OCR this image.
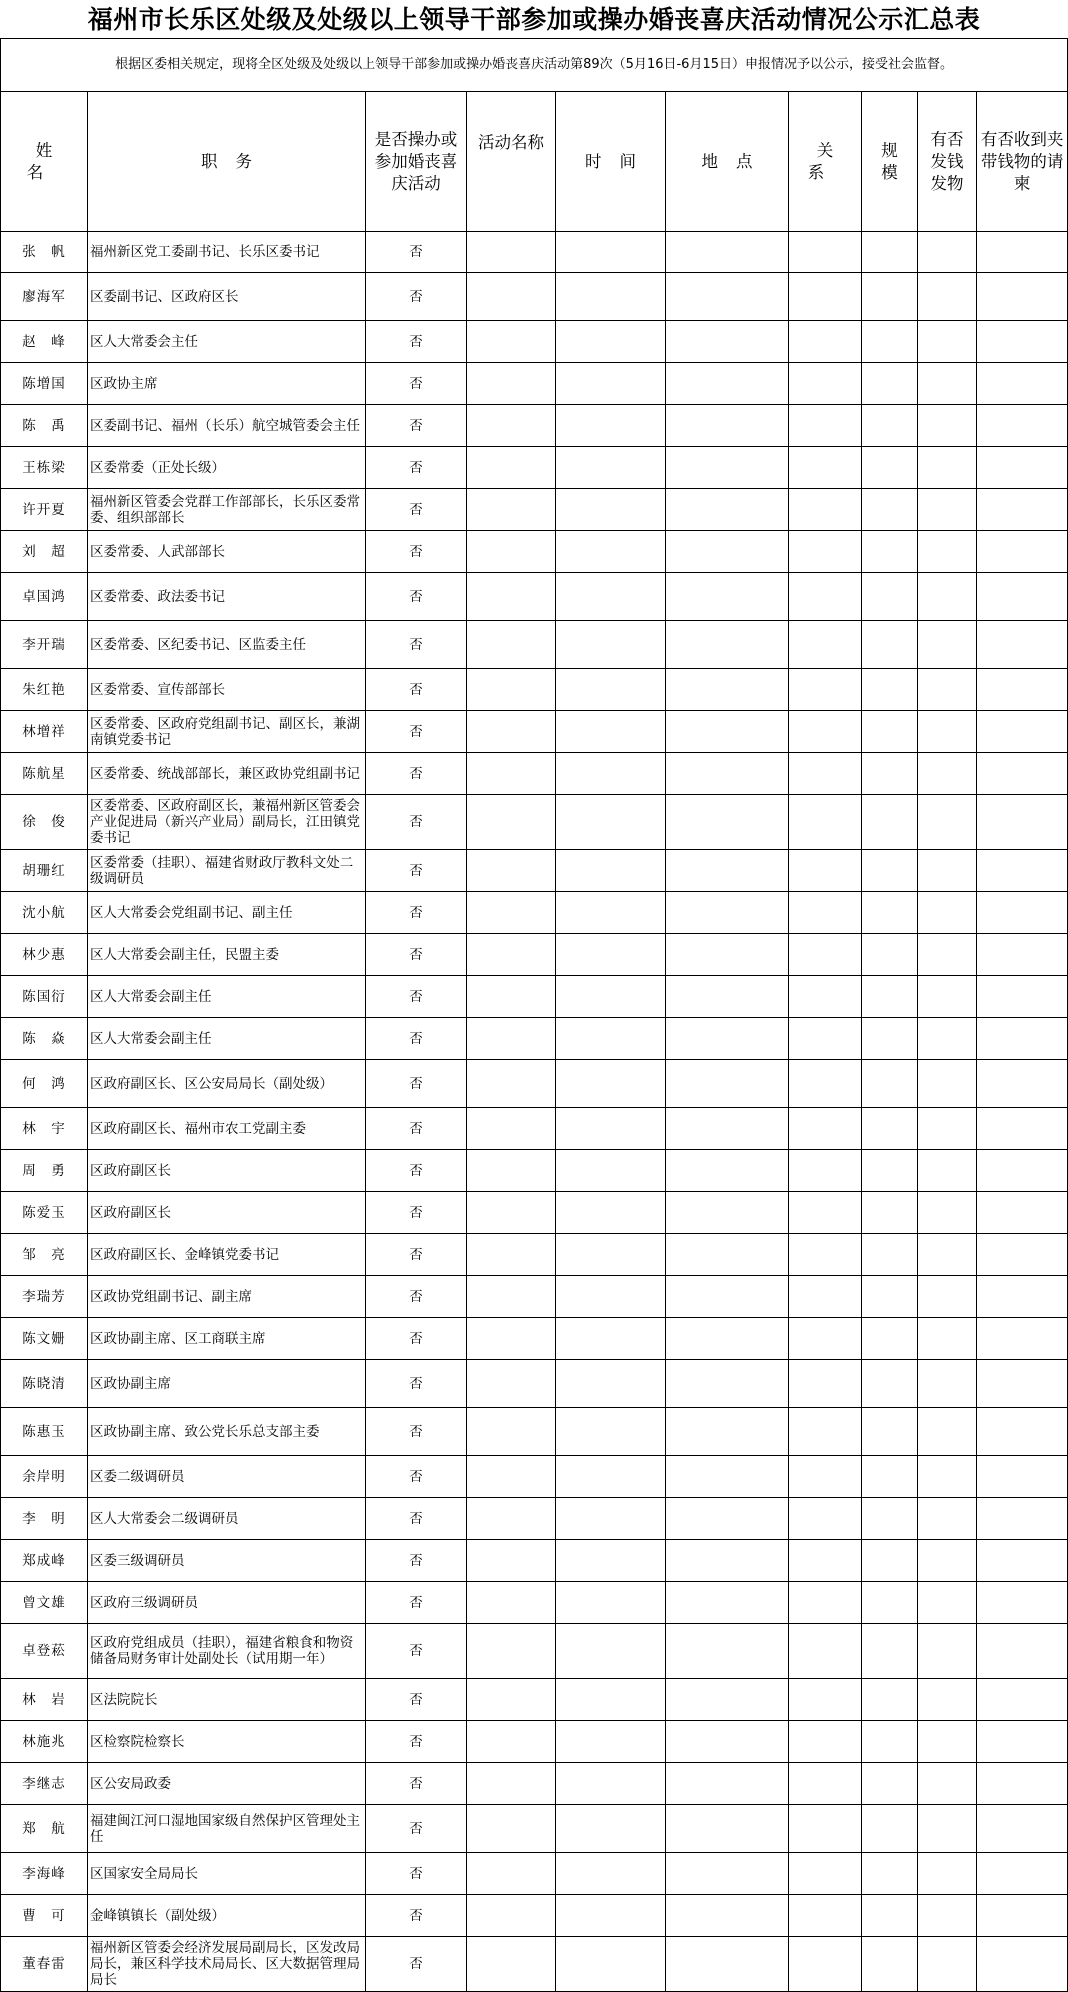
福州市长乐区处级及处级以上领导干部参加或操办婚丧喜庆活动情况公示汇总表
根据区委相关规定，现将全区处级及处级以上领导干部参加或操办婚丧喜庆活动第89次（5月16日-6月15日）申报情况予以公示，接受社会监督。									
姓名	职务	是否操办或参加婚丧喜庆活动	活动名称	时间	地点	关系	规模	有否发钱发物	有否收到夹带钱物的请柬
张　帆	福州新区党工委副书记、长乐区委书记	否							
廖海军	区委副书记、区政府区长	否							
赵　峰	区人大常委会主任	否							
陈增国	区政协主席	否							
陈　禹	区委副书记、福州（长乐）航空城管委会主任	否							
王栋梁	区委常委（正处长级）	否							
许开夏	福州新区管委会党群工作部部长，长乐区委常委、组织部部长	否							
刘　超	区委常委、人武部部长	否							
卓国鸿	区委常委、政法委书记	否							
李开瑞	区委常委、区纪委书记、区监委主任	否							
朱红艳	区委常委、宣传部部长	否							
林增祥	区委常委、区政府党组副书记、副区长，兼湖南镇党委书记	否							
陈航星	区委常委、统战部部长，兼区政协党组副书记	否							
徐　俊	区委常委、区政府副区长，兼福州新区管委会产业促进局（新兴产业局）副局长，江田镇党委书记	否							
胡珊红	区委常委（挂职）、福建省财政厅教科文处二级调研员	否							
沈小航	区人大常委会党组副书记、副主任	否							
林少惠	区人大常委会副主任，民盟主委	否							
陈国衍	区人大常委会副主任	否							
陈　焱	区人大常委会副主任	否							
何　鸿	区政府副区长、区公安局局长（副处级）	否							
林　宇	区政府副区长、福州市农工党副主委	否							
周　勇	区政府副区长	否							
陈爱玉	区政府副区长	否							
邹　亮	区政府副区长、金峰镇党委书记	否							
李瑞芳	区政协党组副书记、副主席	否							
陈文姗	区政协副主席、区工商联主席	否							
陈晓清	区政协副主席	否							
陈惠玉	区政协副主席、致公党长乐总支部主委	否							
余岸明	区委二级调研员	否							
李　明	区人大常委会二级调研员	否							
郑成峰	区委三级调研员	否							
曾文雄	区政府三级调研员	否							
卓登菘	区政府党组成员（挂职），福建省粮食和物资储备局财务审计处副处长（试用期一年）	否							
林　岩	区法院院长	否							
林施兆	区检察院检察长	否							
李继志	区公安局政委	否							
郑　航	福建闽江河口湿地国家级自然保护区管理处主任	否							
李海峰	区国家安全局局长	否							
曹　可	金峰镇镇长（副处级）	否							
董春雷	福州新区管委会经济发展局副局长，区发改局局长，兼区科学技术局局长、区大数据管理局局长	否							
